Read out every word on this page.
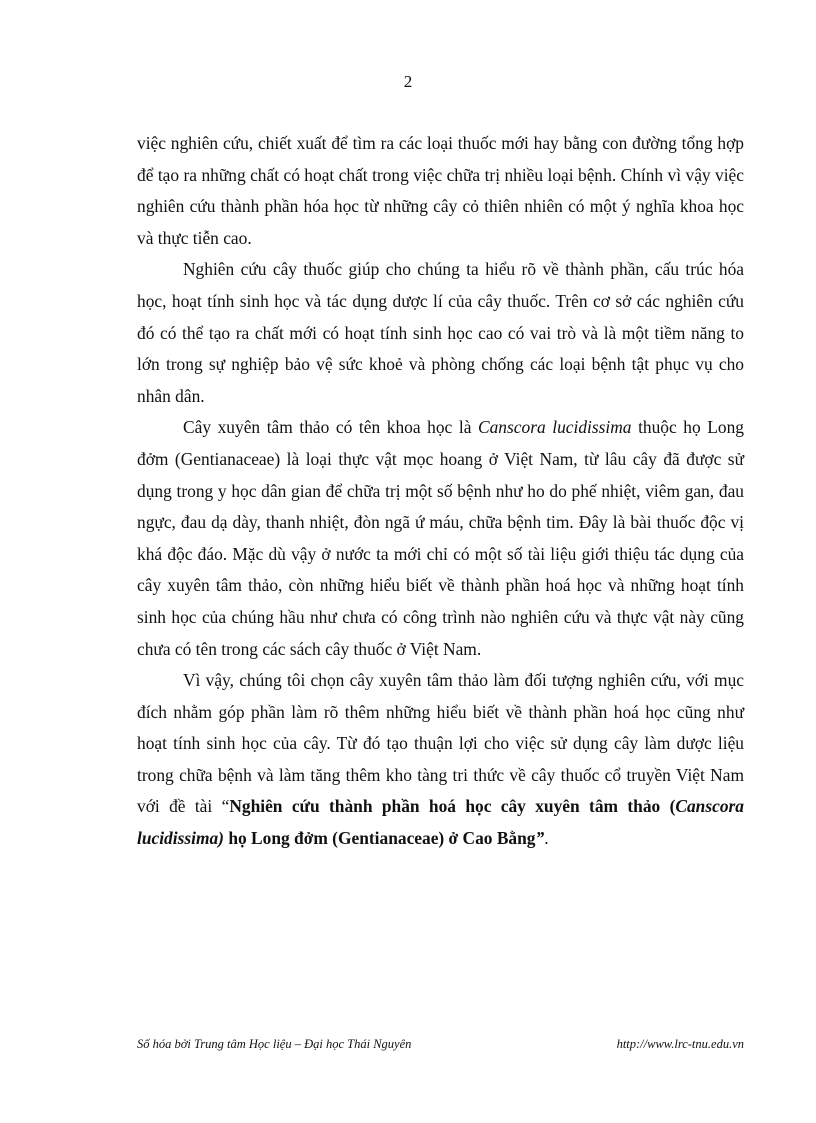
2

việc nghiên cứu, chiết xuất để tìm ra các loại thuốc mới hay bằng con đường tổng hợp để tạo ra những chất có hoạt chất trong việc chữa trị nhiều loại bệnh. Chính vì vậy việc nghiên cứu thành phần hóa học từ những cây cỏ thiên nhiên có một ý nghĩa khoa học và thực tiễn cao.

Nghiên cứu cây thuốc giúp cho chúng ta hiểu rõ về thành phần, cấu trúc hóa học, hoạt tính sinh học và tác dụng dược lí của cây thuốc. Trên cơ sở các nghiên cứu đó có thể tạo ra chất mới có hoạt tính sinh học cao có vai trò và là một tiềm năng to lớn trong sự nghiệp bảo vệ sức khoẻ và phòng chống các loại bệnh tật phục vụ cho nhân dân.

Cây xuyên tâm thảo có tên khoa học là Canscora lucidissima thuộc họ Long đởm (Gentianaceae) là loại thực vật mọc hoang ở Việt Nam, từ lâu cây đã được sử dụng trong y học dân gian để chữa trị một số bệnh như ho do phế nhiệt, viêm gan, đau ngực, đau dạ dày, thanh nhiệt, đòn ngã ứ máu, chữa bệnh tim. Đây là bài thuốc độc vị khá độc đáo. Mặc dù vậy ở nước ta mới chỉ có một số tài liệu giới thiệu tác dụng của cây xuyên tâm thảo, còn những hiểu biết về thành phần hoá học và những hoạt tính sinh học của chúng hầu như chưa có công trình nào nghiên cứu và thực vật này cũng chưa có tên trong các sách cây thuốc ở Việt Nam.

Vì vậy, chúng tôi chọn cây xuyên tâm thảo làm đối tượng nghiên cứu, với mục đích nhằm góp phần làm rõ thêm những hiểu biết về thành phần hoá học cũng như hoạt tính sinh học của cây. Từ đó tạo thuận lợi cho việc sử dụng cây làm dược liệu trong chữa bệnh và làm tăng thêm kho tàng tri thức về cây thuốc cổ truyền Việt Nam với đề tài “Nghiên cứu thành phần hoá học cây xuyên tâm thảo (Canscora lucidissima) họ Long đởm (Gentianaceae) ở Cao Bằng”.

Số hóa bởi Trung tâm Học liệu – Đại học Thái Nguyên	http://www.lrc-tnu.edu.vn
